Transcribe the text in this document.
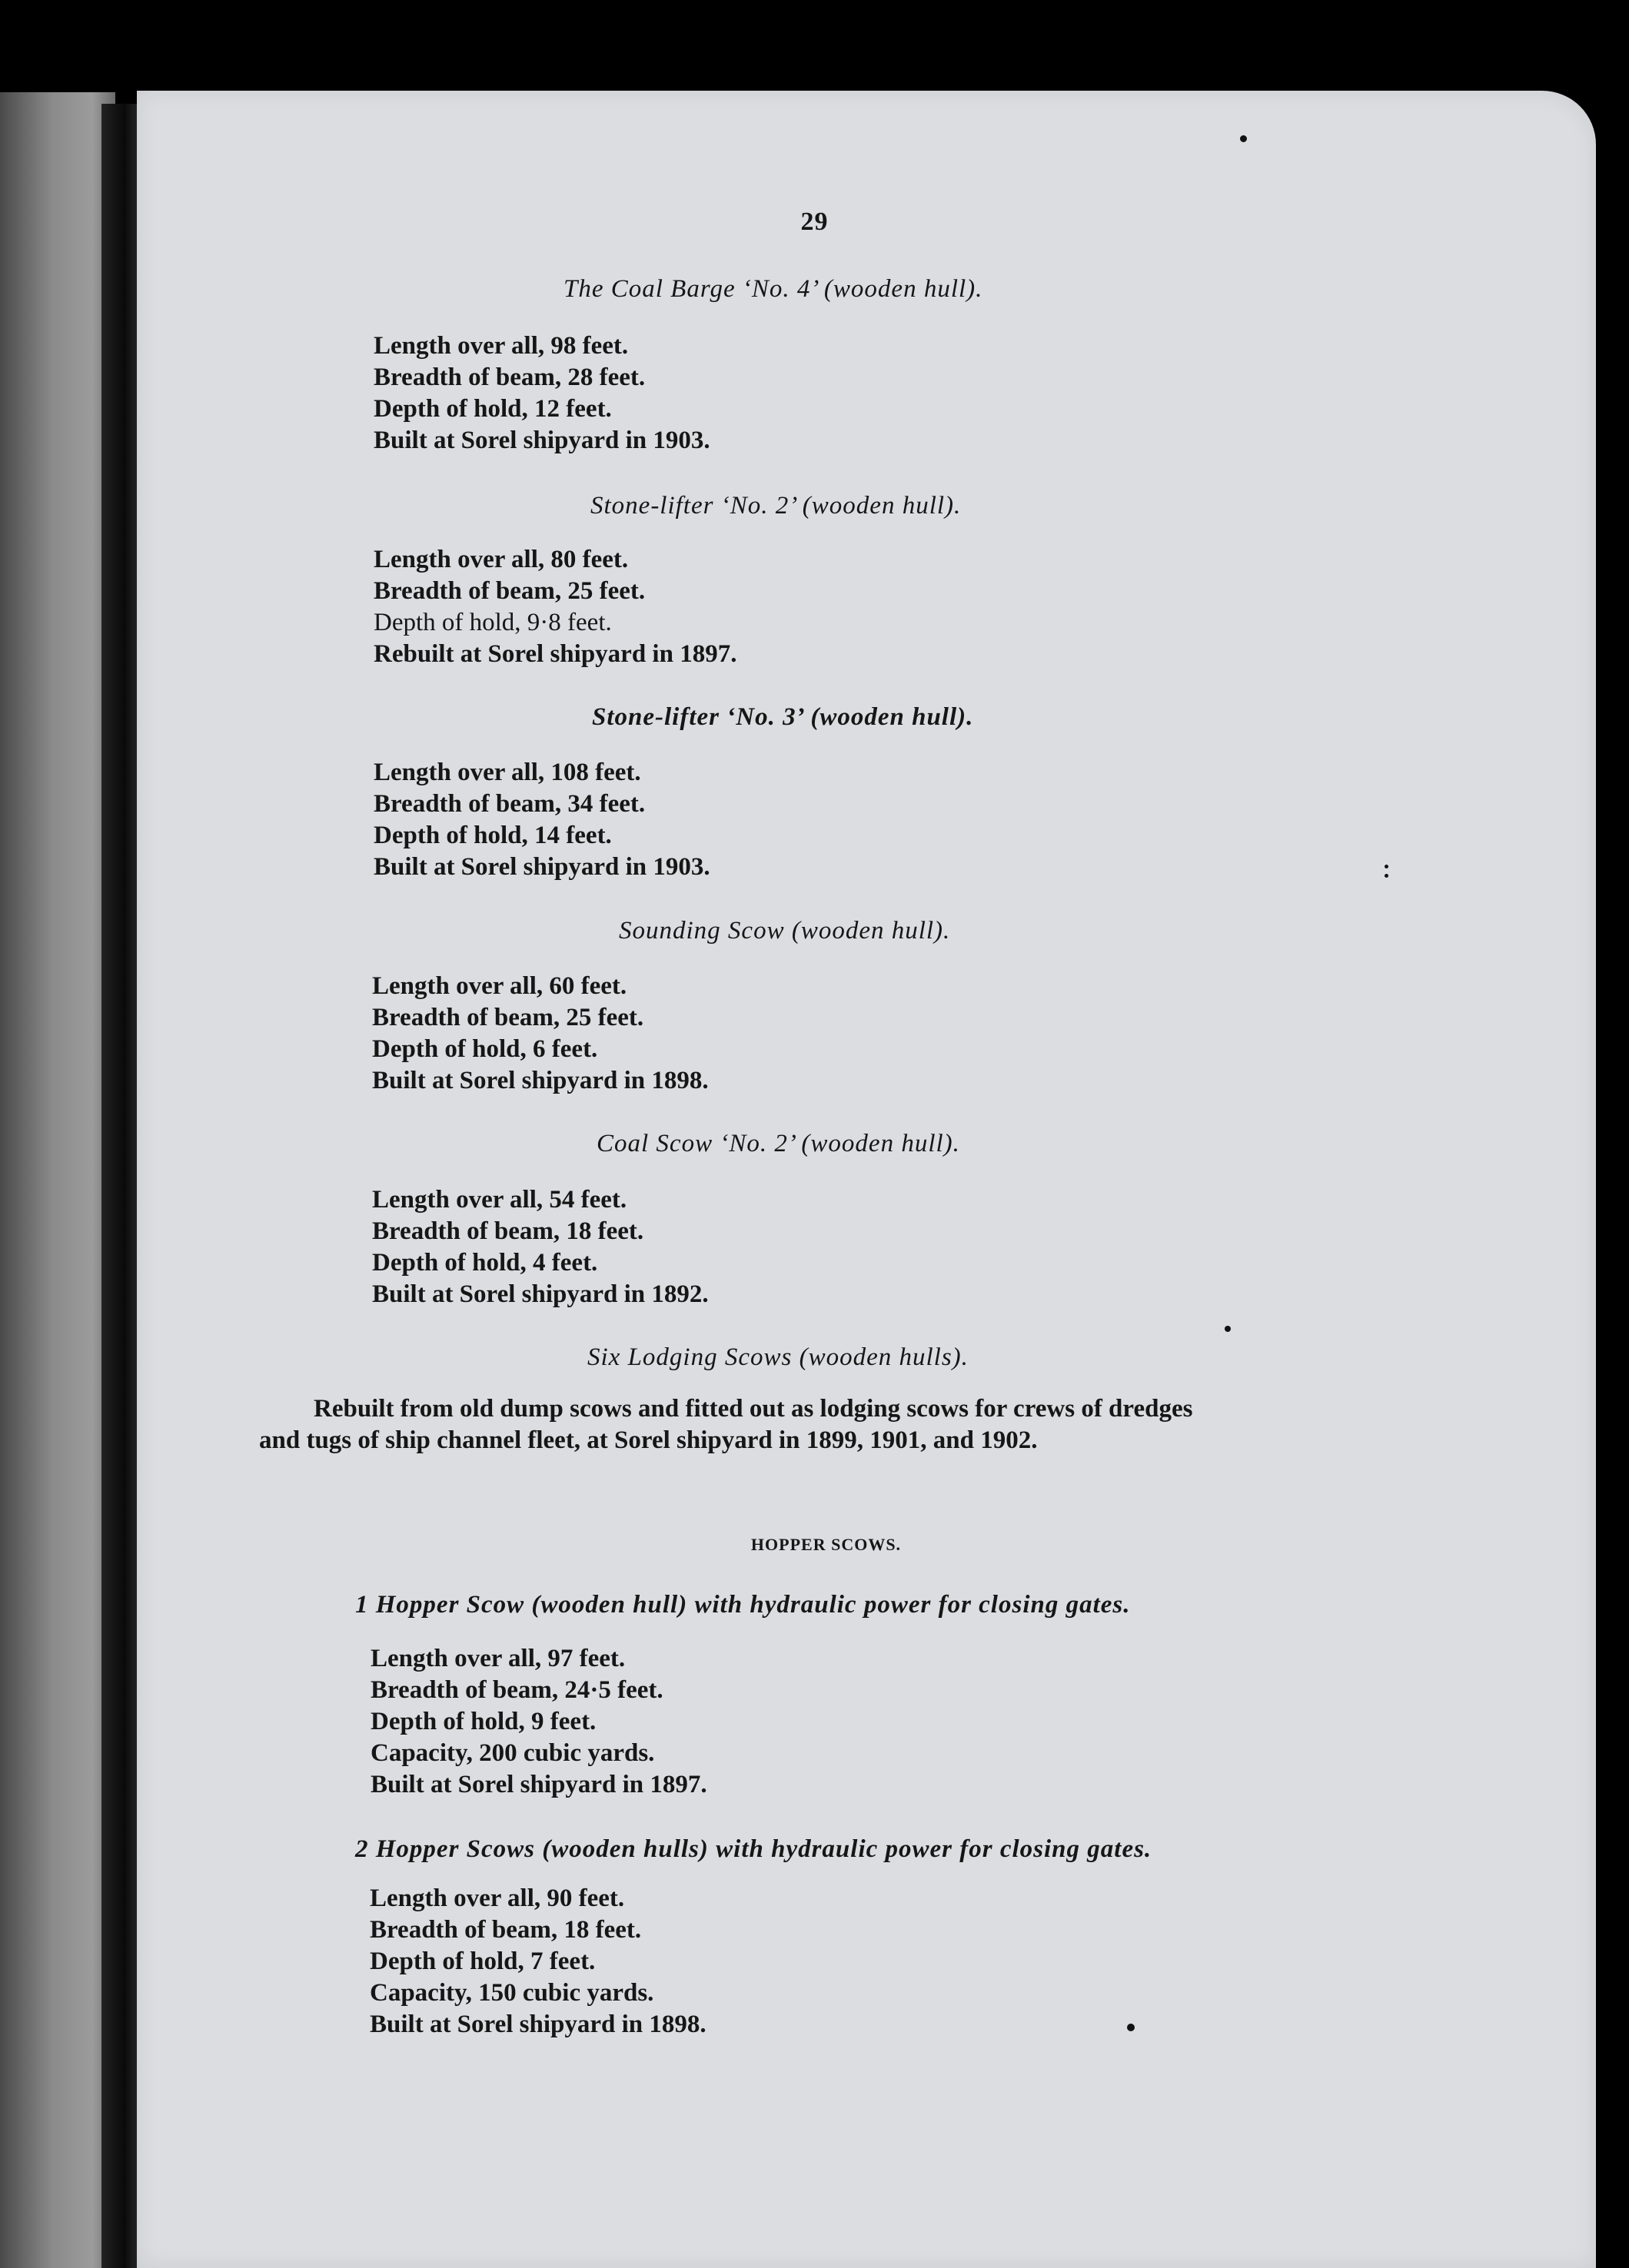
29
The Coal Barge ‘No. 4’ (wooden hull).
Length over all, 98 feet.
Breadth of beam, 28 feet.
Depth of hold, 12 feet.
Built at Sorel shipyard in 1903.
Stone-lifter ‘No. 2’ (wooden hull).
Length over all, 80 feet.
Breadth of beam, 25 feet.
Depth of hold, 9·8 feet.
Rebuilt at Sorel shipyard in 1897.
Stone-lifter ‘No. 3’ (wooden hull).
Length over all, 108 feet.
Breadth of beam, 34 feet.
Depth of hold, 14 feet.
Built at Sorel shipyard in 1903.
Sounding Scow (wooden hull).
Length over all, 60 feet.
Breadth of beam, 25 feet.
Depth of hold, 6 feet.
Built at Sorel shipyard in 1898.
Coal Scow ‘No. 2’ (wooden hull).
Length over all, 54 feet.
Breadth of beam, 18 feet.
Depth of hold, 4 feet.
Built at Sorel shipyard in 1892.
Six Lodging Scows (wooden hulls).
Rebuilt from old dump scows and fitted out as lodging scows for crews of dredges
and tugs of ship channel fleet, at Sorel shipyard in 1899, 1901, and 1902.
HOPPER SCOWS.
1 Hopper Scow (wooden hull) with hydraulic power for closing gates.
Length over all, 97 feet.
Breadth of beam, 24·5 feet.
Depth of hold, 9 feet.
Capacity, 200 cubic yards.
Built at Sorel shipyard in 1897.
2 Hopper Scows (wooden hulls) with hydraulic power for closing gates.
Length over all, 90 feet.
Breadth of beam, 18 feet.
Depth of hold, 7 feet.
Capacity, 150 cubic yards.
Built at Sorel shipyard in 1898.
